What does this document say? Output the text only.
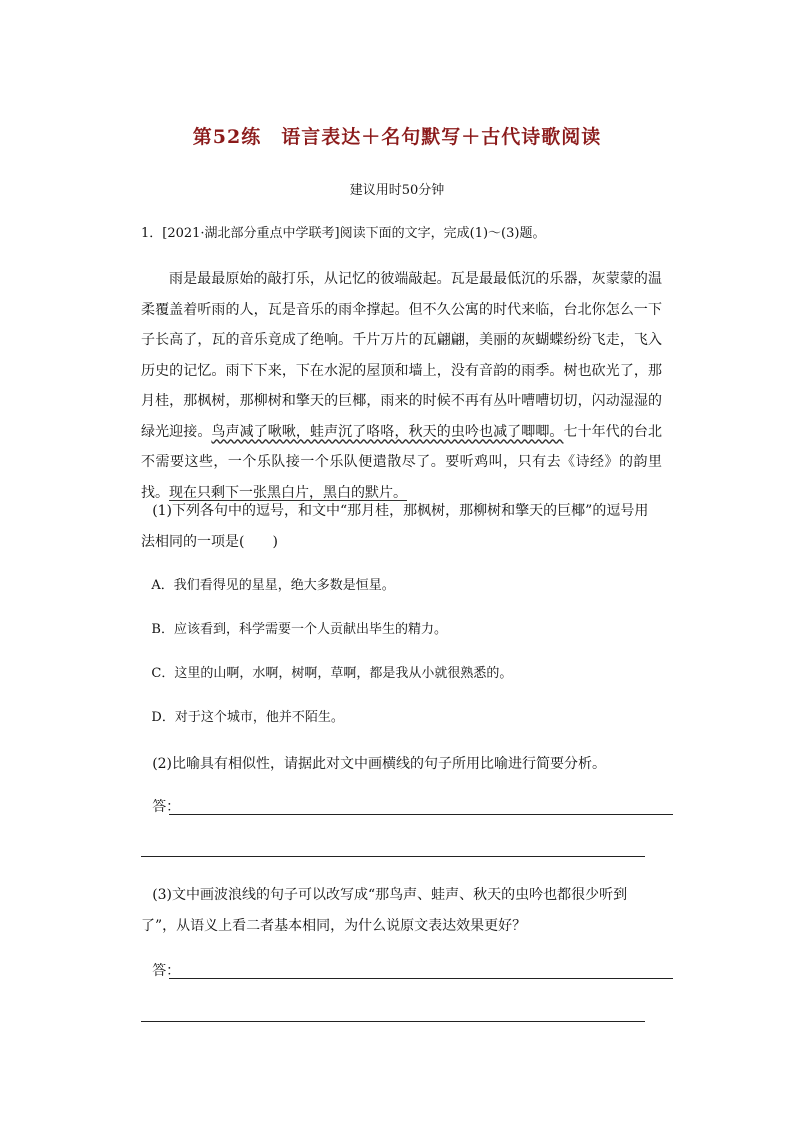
第52练　语言表达＋名句默写＋古代诗歌阅读
建议用时50分钟
1．[2021·湖北部分重点中学联考]阅读下面的文字，完成(1)～(3)题。
雨是最最原始的敲打乐，从记忆的彼端敲起。瓦是最最低沉的乐器，灰蒙蒙的温柔覆盖着听雨的人，瓦是音乐的雨伞撑起。但不久公寓的时代来临，台北你怎么一下子长高了，瓦的音乐竟成了绝响。千片万片的瓦翩翩，美丽的灰蝴蝶纷纷飞走，飞入历史的记忆。雨下下来，下在水泥的屋顶和墙上，没有音韵的雨季。树也砍光了，那月桂，那枫树，那柳树和擎天的巨椰，雨来的时候不再有丛叶嘈嘈切切，闪动湿湿的绿光迎接。鸟声减了啾啾，蛙声沉了咯咯，秋天的虫吟也减了唧唧。七十年代的台北不需要这些，一个乐队接一个乐队便遣散尽了。要听鸡叫，只有去《诗经》的韵里找。现在只剩下一张黑白片，黑白的默片。
(1)下列各句中的逗号，和文中“那月桂，那枫树，那柳树和擎天的巨椰”的逗号用法相同的一项是(　　)
A．我们看得见的星星，绝大多数是恒星。
B．应该看到，科学需要一个人贡献出毕生的精力。
C．这里的山啊，水啊，树啊，草啊，都是我从小就很熟悉的。
D．对于这个城市，他并不陌生。
(2)比喻具有相似性，请据此对文中画横线的句子所用比喻进行简要分析。
答：
(3)文中画波浪线的句子可以改写成“那鸟声、蛙声、秋天的虫吟也都很少听到了”，从语义上看二者基本相同，为什么说原文表达效果更好？
答：
